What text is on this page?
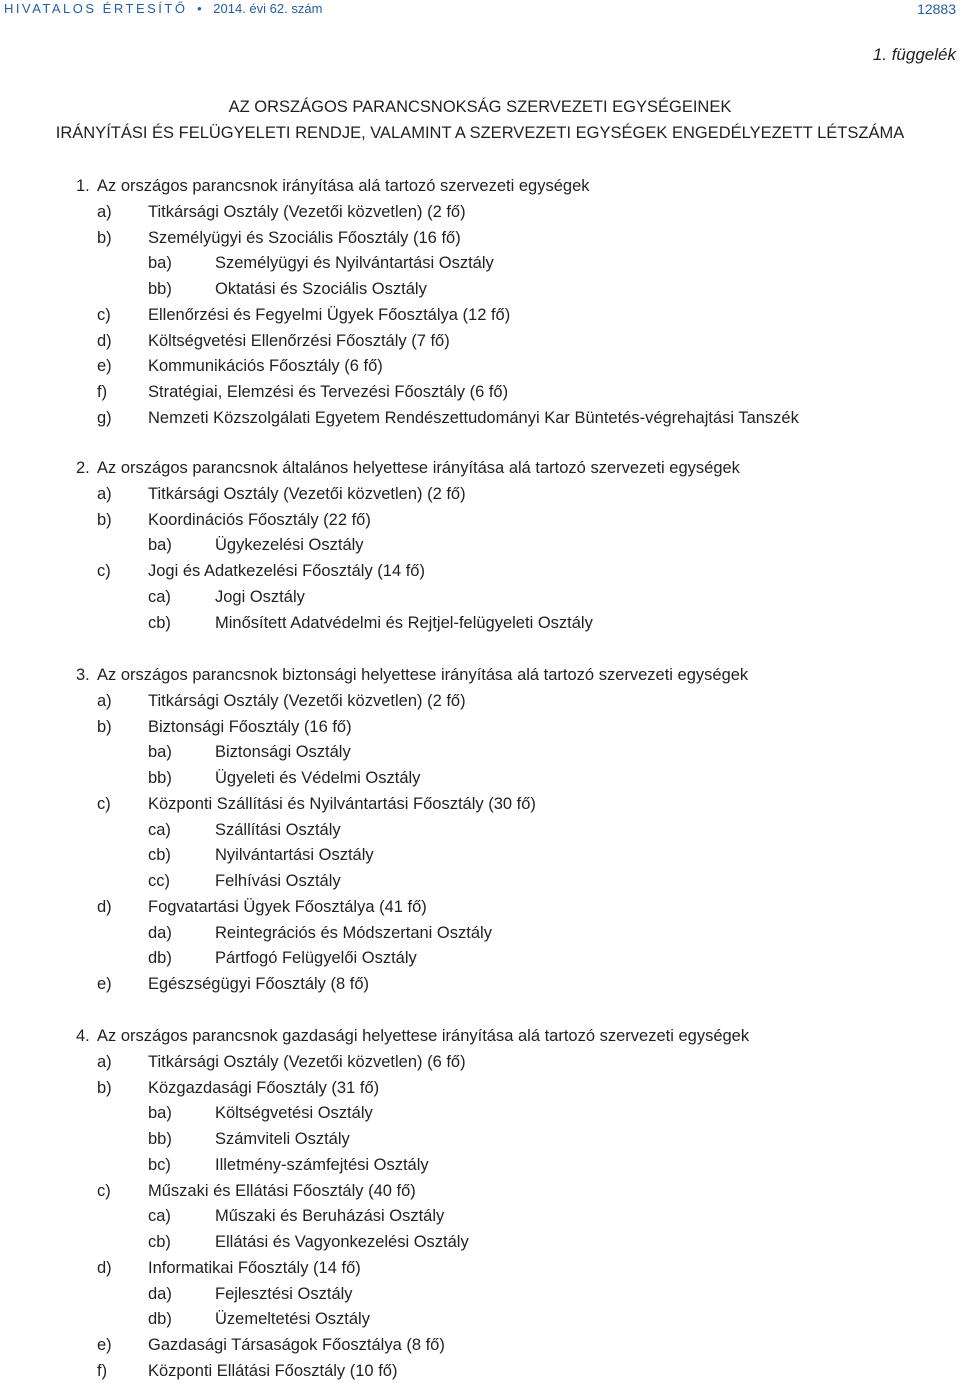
HIVATALOS ÉRTESÍTŐ • 2014. évi 62. szám	12883
1. függelék
AZ ORSZÁGOS PARANCSNOKSÁG SZERVEZETI EGYSÉGEINEK
IRÁNYÍTÁSI ÉS FELÜGYELETI RENDJE, VALAMINT A SZERVEZETI EGYSÉGEK ENGEDÉLYEZETT LÉTSZÁMA
1. Az országos parancsnok irányítása alá tartozó szervezeti egységek
a) Titkársági Osztály (Vezetői közvetlen) (2 fő)
b) Személyügyi és Szociális Főosztály (16 fő)
ba)	Személyügyi és Nyilvántartási Osztály
bb)	Oktatási és Szociális Osztály
c) Ellenőrzési és Fegyelmi Ügyek Főosztálya (12 fő)
d) Költségvetési Ellenőrzési Főosztály (7 fő)
e) Kommunikációs Főosztály (6 fő)
f) Stratégiai, Elemzési és Tervezési Főosztály (6 fő)
g) Nemzeti Közszolgálati Egyetem Rendészettudományi Kar Büntetés-végrehajtási Tanszék
2. Az országos parancsnok általános helyettese irányítása alá tartozó szervezeti egységek
a) Titkársági Osztály (Vezetői közvetlen) (2 fő)
b) Koordinációs Főosztály (22 fő)
ba)	Ügykezelési Osztály
c) Jogi és Adatkezelési Főosztály (14 fő)
ca)	Jogi Osztály
cb)	Minősített Adatvédelmi és Rejtjel-felügyeleti Osztály
3. Az országos parancsnok biztonsági helyettese irányítása alá tartozó szervezeti egységek
a) Titkársági Osztály (Vezetői közvetlen) (2 fő)
b) Biztonsági Főosztály (16 fő)
ba)	Biztonsági Osztály
bb)	Ügyeleti és Védelmi Osztály
c) Központi Szállítási és Nyilvántartási Főosztály (30 fő)
ca)	Szállítási Osztály
cb)	Nyilvántartási Osztály
cc)	Felhívási Osztály
d) Fogvatartási Ügyek Főosztálya (41 fő)
da)	Reintegrációs és Módszertani Osztály
db)	Pártfogó Felügyelői Osztály
e) Egészségügyi Főosztály (8 fő)
4. Az országos parancsnok gazdasági helyettese irányítása alá tartozó szervezeti egységek
a) Titkársági Osztály (Vezetői közvetlen) (6 fő)
b) Közgazdasági Főosztály (31 fő)
ba)	Költségvetési Osztály
bb)	Számviteli Osztály
bc)	Illetmény-számfejtési Osztály
c) Műszaki és Ellátási Főosztály (40 fő)
ca)	Műszaki és Beruházási Osztály
cb)	Ellátási és Vagyonkezelési Osztály
d) Informatikai Főosztály (14 fő)
da)	Fejlesztési Osztály
db)	Üzemeltetési Osztály
e) Gazdasági Társaságok Főosztálya (8 fő)
f) Központi Ellátási Főosztály (10 fő)
